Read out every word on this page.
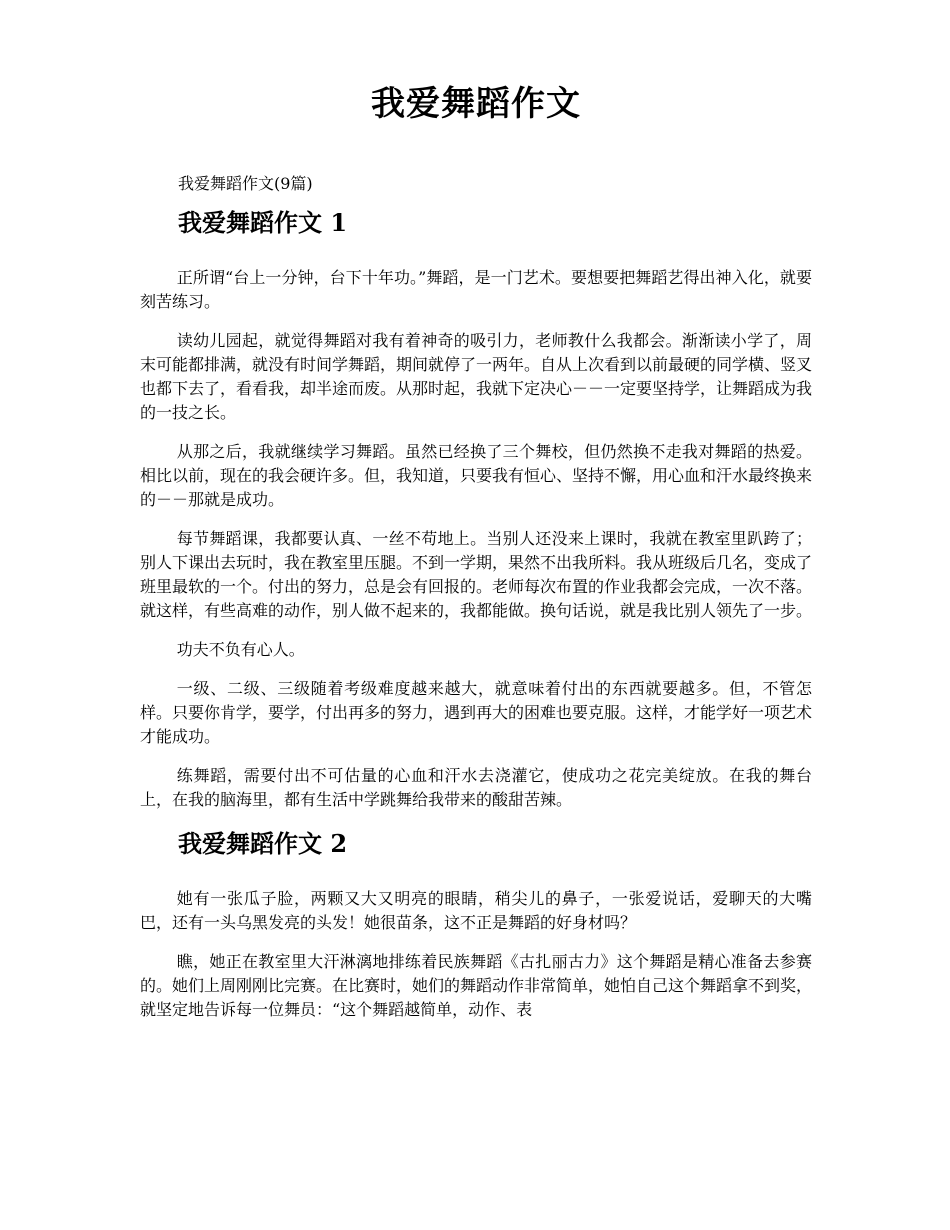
我爱舞蹈作文

我爱舞蹈作文(9篇)

我爱舞蹈作文 1

正所谓“台上一分钟，台下十年功。”舞蹈，是一门艺术。要想要把舞蹈艺得出神入化，就要刻苦练习。

读幼儿园起，就觉得舞蹈对我有着神奇的吸引力，老师教什么我都会。渐渐读小学了，周末可能都排满，就没有时间学舞蹈，期间就停了一两年。自从上次看到以前最硬的同学横、竖叉也都下去了，看看我，却半途而废。从那时起，我就下定决心－－一定要坚持学，让舞蹈成为我的一技之长。

从那之后，我就继续学习舞蹈。虽然已经换了三个舞校，但仍然换不走我对舞蹈的热爱。相比以前，现在的我会硬许多。但，我知道，只要我有恒心、坚持不懈，用心血和汗水最终换来的－－那就是成功。

每节舞蹈课，我都要认真、一丝不苟地上。当别人还没来上课时，我就在教室里趴跨了；别人下课出去玩时，我在教室里压腿。不到一学期，果然不出我所料。我从班级后几名，变成了班里最软的一个。付出的努力，总是会有回报的。老师每次布置的作业我都会完成，一次不落。就这样，有些高难的动作，别人做不起来的，我都能做。换句话说，就是我比别人领先了一步。

功夫不负有心人。

一级、二级、三级随着考级难度越来越大，就意味着付出的东西就要越多。但，不管怎样。只要你肯学，要学，付出再多的努力，遇到再大的困难也要克服。这样，才能学好一项艺术才能成功。

练舞蹈，需要付出不可估量的心血和汗水去浇灌它，使成功之花完美绽放。在我的舞台上，在我的脑海里，都有生活中学跳舞给我带来的酸甜苦辣。

我爱舞蹈作文 2

她有一张瓜子脸，两颗又大又明亮的眼睛，稍尖儿的鼻子，一张爱说话，爱聊天的大嘴巴，还有一头乌黑发亮的头发！她很苗条，这不正是舞蹈的好身材吗？

瞧，她正在教室里大汗淋漓地排练着民族舞蹈《古扎丽古力》这个舞蹈是精心准备去参赛的。她们上周刚刚比完赛。在比赛时，她们的舞蹈动作非常简单，她怕自己这个舞蹈拿不到奖，就坚定地告诉每一位舞员：“这个舞蹈越简单，动作、表
